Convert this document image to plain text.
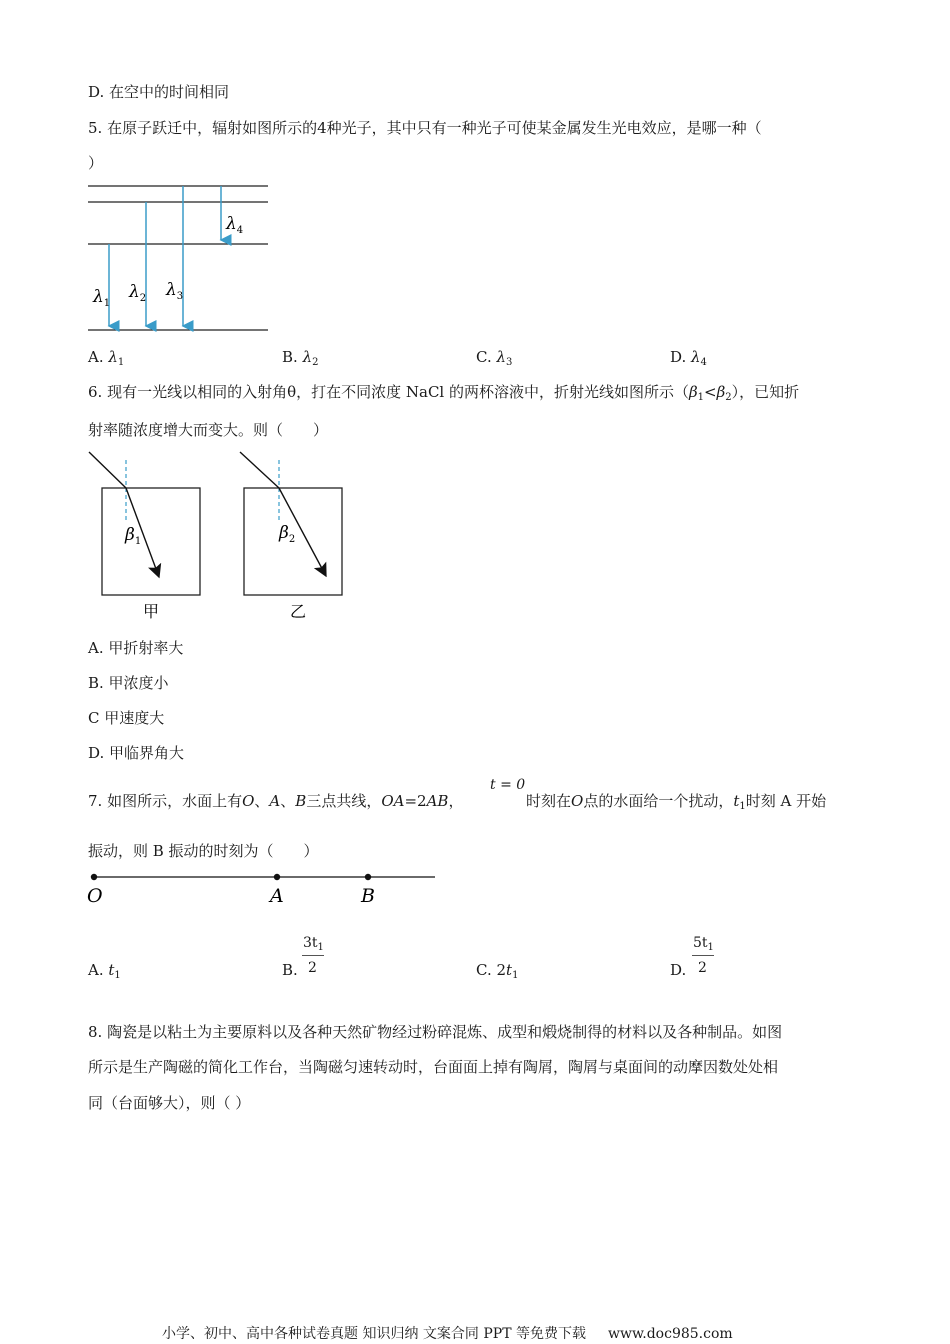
D. 在空中的时间相同
5. 在原子跃迁中，辐射如图所示的4种光子，其中只有一种光子可使某金属发生光电效应，是哪一种（
）
$\lambda_1$
$\lambda_2$ $\lambda_3$
$\lambda_4$
A. $\lambda_1$	B. $\lambda_2$	C. $\lambda_3$	D. $\lambda_4$
6. 现有一光线以相同的入射角θ，打在不同浓度 NaCl 的两杯溶液中，折射光线如图所示$(\beta_1<\beta_2)$，已知折
射率随浓度增大而变大。则（　　）
$\beta_1$	$\beta_2$
甲	乙
A. 甲折射率大
B. 甲浓度小
C 甲速度大
D. 甲临界角大
7. 如图所示，水面上有O、A、B三点共线，OA=2AB，
t = 0
时刻在O点的水面给一个扰动，$t_1$时刻 A 开始
振动，则 B 振动的时刻为（　　）
O	A	B
A. $t_1$	B.
$3t_1$
2	C. $2t_1$	D.
$5t_1$
2
8. 陶瓷是以粘土为主要原料以及各种天然矿物经过粉碎混炼、成型和煅烧制得的材料以及各种制品。如图
所示是生产陶磁的简化工作台，当陶磁匀速转动时，台面面上掉有陶屑，陶屑与桌面间的动摩因数处处相
同（台面够大），则（ ）
小学、初中、高中各种试卷真题 知识归纳 文案合同 PPT 等免费下载 www.doc985.com
